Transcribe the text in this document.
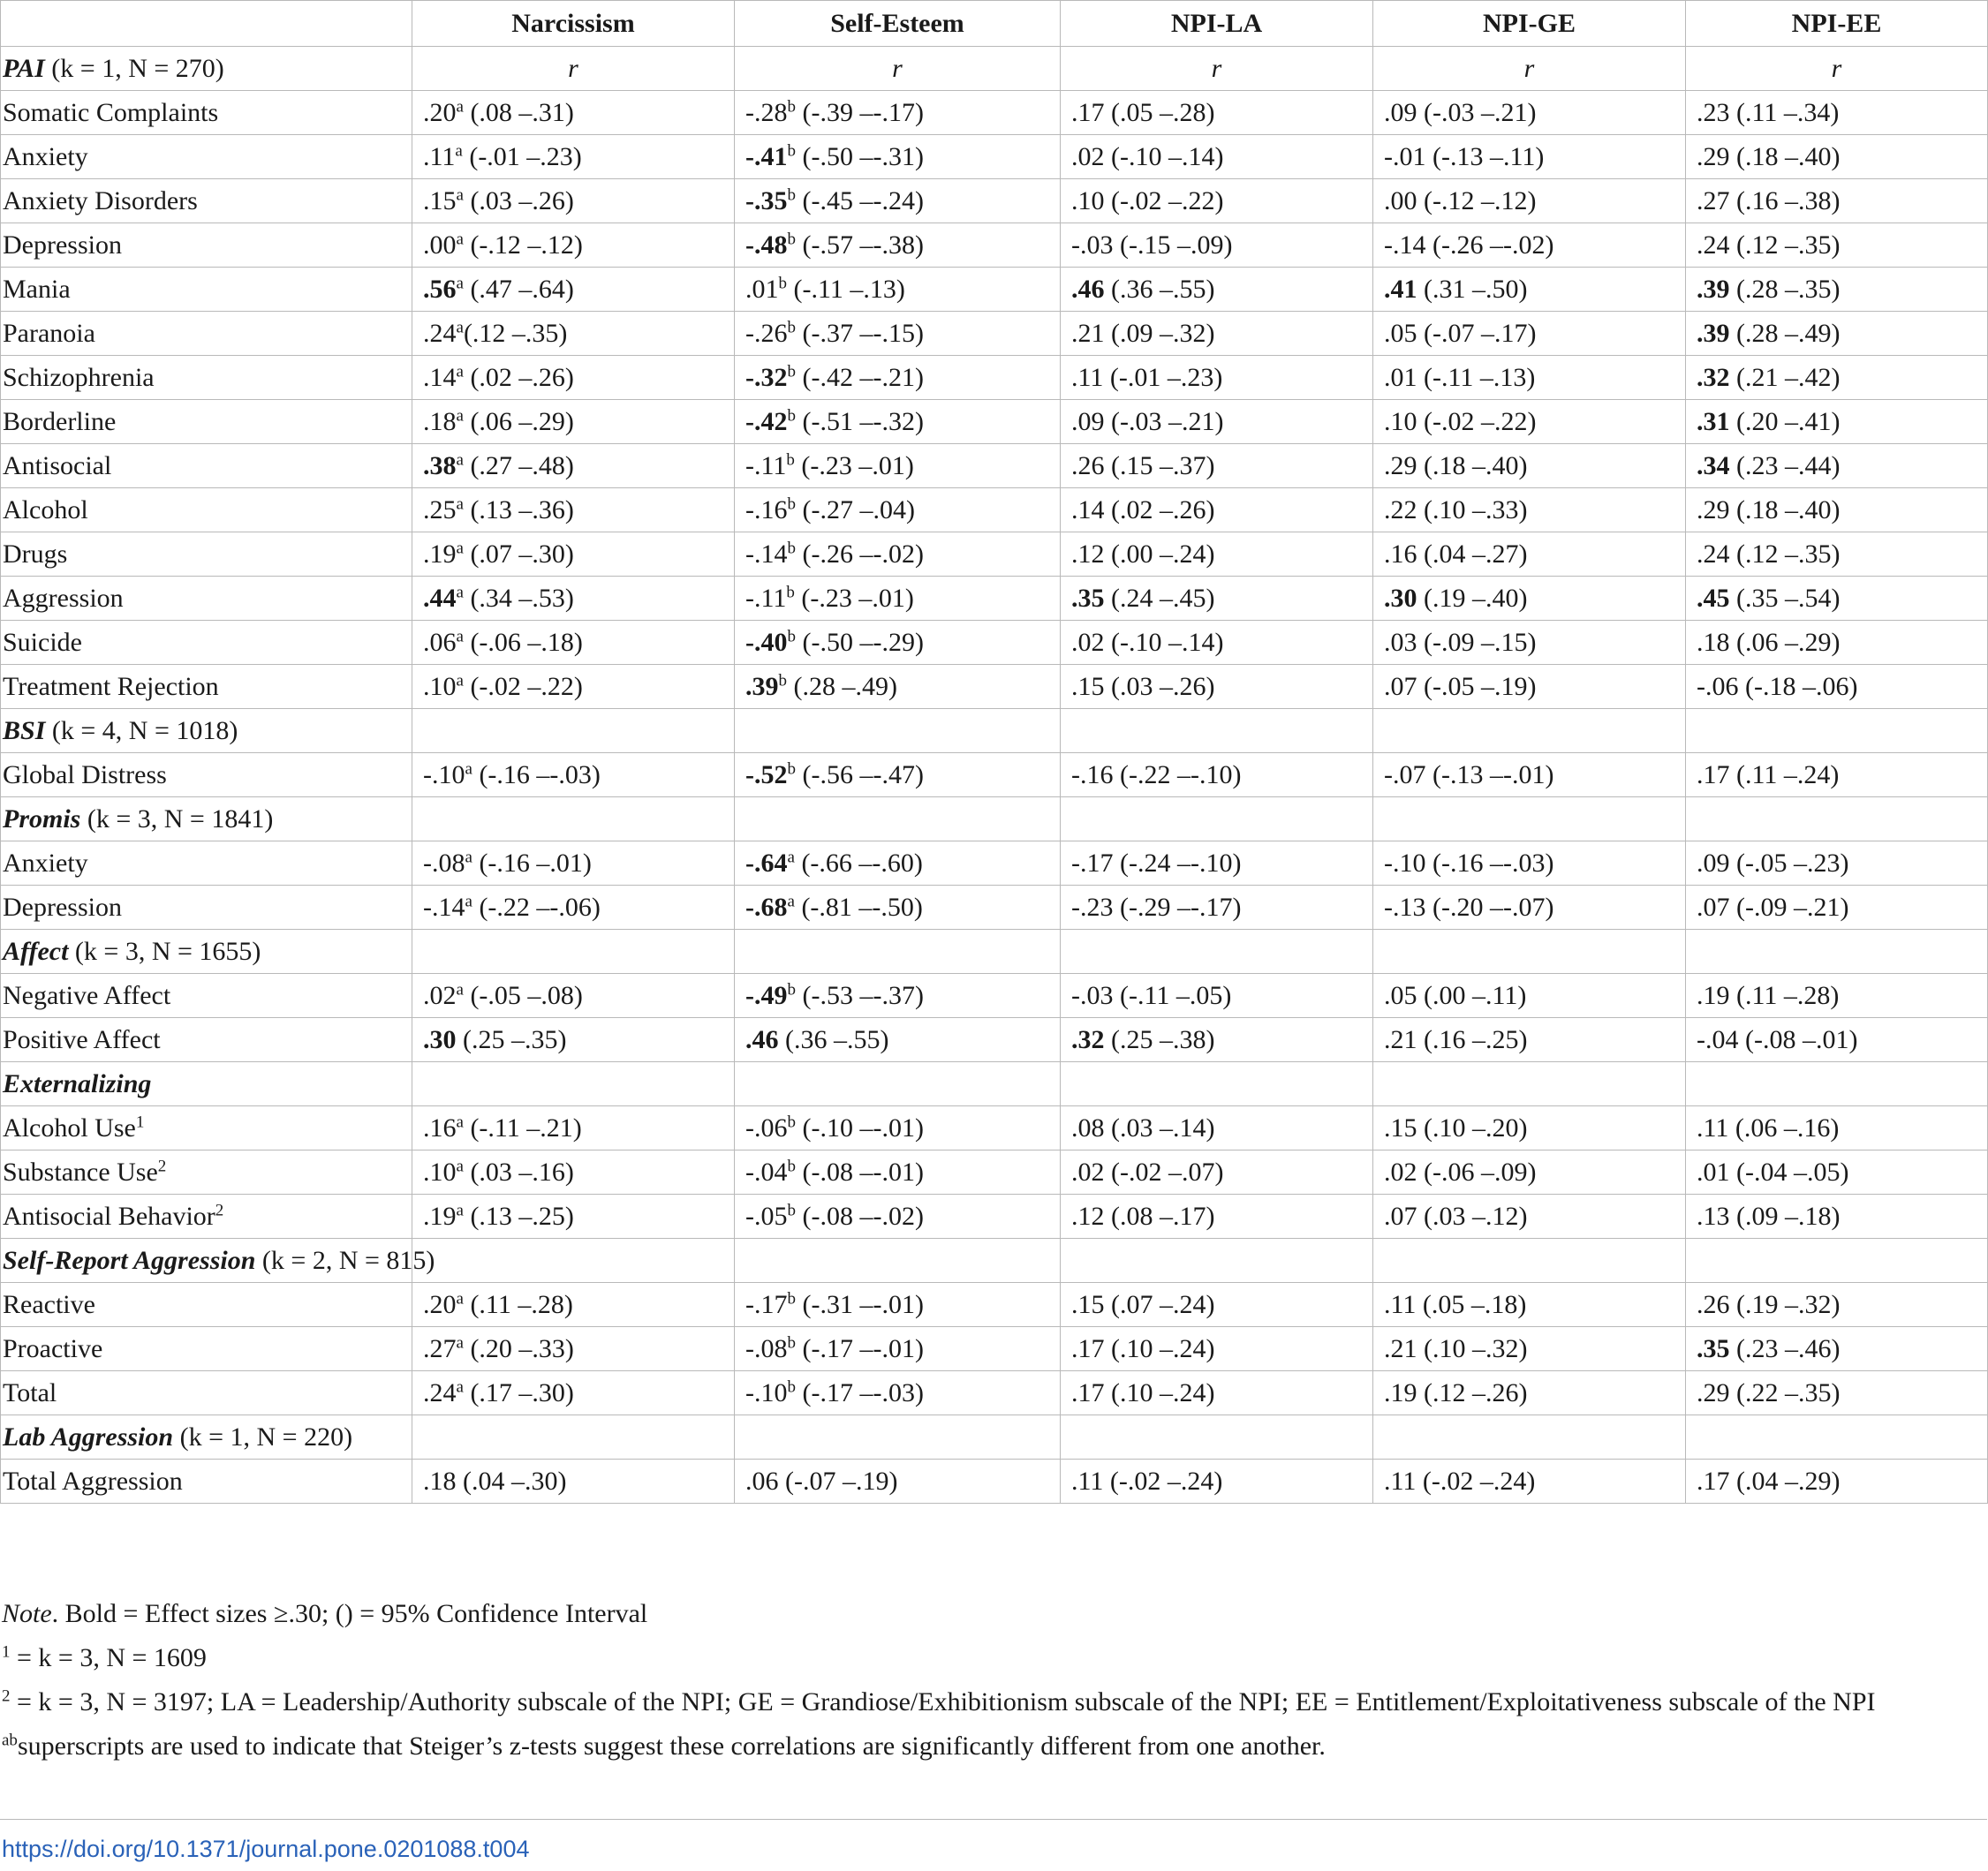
	Narcissism	Self-Esteem	NPI-LA	NPI-GE	NPI-EE
PAI (k = 1, N = 270)	r	r	r	r	r
Somatic Complaints	.20$^a$ (.08 –.31)	-.28$^b$ (-.39 –-.17)	.17 (.05 –.28)	.09 (-.03 –.21)	.23 (.11 –.34)
Anxiety	.11$^a$ (-.01 –.23)	-.41$^b$ (-.50 –-.31)	.02 (-.10 –.14)	-.01 (-.13 –.11)	.29 (.18 –.40)
Anxiety Disorders	.15$^a$ (.03 –.26)	-.35$^b$ (-.45 –-.24)	.10 (-.02 –.22)	.00 (-.12 –.12)	.27 (.16 –.38)
Depression	.00$^a$ (-.12 –.12)	-.48$^b$ (-.57 –-.38)	-.03 (-.15 –.09)	-.14 (-.26 –-.02)	.24 (.12 –.35)
Mania	.56$^a$ (.47 –.64)	.01$^b$ (-.11 –.13)	.46 (.36 –.55)	.41 (.31 –.50)	.39 (.28 –.35)
Paranoia	.24$^a$(.12 –.35)	-.26$^b$ (-.37 –-.15)	.21 (.09 –.32)	.05 (-.07 –.17)	.39 (.28 –.49)
Schizophrenia	.14$^a$ (.02 –.26)	-.32$^b$ (-.42 –-.21)	.11 (-.01 –.23)	.01 (-.11 –.13)	.32 (.21 –.42)
Borderline	.18$^a$ (.06 –.29)	-.42$^b$ (-.51 –-.32)	.09 (-.03 –.21)	.10 (-.02 –.22)	.31 (.20 –.41)
Antisocial	.38$^a$ (.27 –.48)	-.11$^b$ (-.23 –.01)	.26 (.15 –.37)	.29 (.18 –.40)	.34 (.23 –.44)
Alcohol	.25$^a$ (.13 –.36)	-.16$^b$ (-.27 –.04)	.14 (.02 –.26)	.22 (.10 –.33)	.29 (.18 –.40)
Drugs	.19$^a$ (.07 –.30)	-.14$^b$ (-.26 –-.02)	.12 (.00 –.24)	.16 (.04 –.27)	.24 (.12 –.35)
Aggression	.44$^a$ (.34 –.53)	-.11$^b$ (-.23 –.01)	.35 (.24 –.45)	.30 (.19 –.40)	.45 (.35 –.54)
Suicide	.06$^a$ (-.06 –.18)	-.40$^b$ (-.50 –-.29)	.02 (-.10 –.14)	.03 (-.09 –.15)	.18 (.06 –.29)
Treatment Rejection	.10$^a$ (-.02 –.22)	.39$^b$ (.28 –.49)	.15 (.03 –.26)	.07 (-.05 –.19)	-.06 (-.18 –.06)
BSI (k = 4, N = 1018)					
Global Distress	-.10$^a$ (-.16 –-.03)	-.52$^b$ (-.56 –-.47)	-.16 (-.22 –-.10)	-.07 (-.13 –-.01)	.17 (.11 –.24)
Promis (k = 3, N = 1841)					
Anxiety	-.08$^a$ (-.16 –.01)	-.64$^a$ (-.66 –-.60)	-.17 (-.24 –-.10)	-.10 (-.16 –-.03)	.09 (-.05 –.23)
Depression	-.14$^a$ (-.22 –-.06)	-.68$^a$ (-.81 –-.50)	-.23 (-.29 –-.17)	-.13 (-.20 –-.07)	.07 (-.09 –.21)
Affect (k = 3, N = 1655)					
Negative Affect	.02$^a$ (-.05 –.08)	-.49$^b$ (-.53 –-.37)	-.03 (-.11 –.05)	.05 (.00 –.11)	.19 (.11 –.28)
Positive Affect	.30 (.25 –.35)	.46 (.36 –.55)	.32 (.25 –.38)	.21 (.16 –.25)	-.04 (-.08 –.01)
Externalizing					
Alcohol Use$^1$	.16$^a$ (-.11 –.21)	-.06$^b$ (-.10 –-.01)	.08 (.03 –.14)	.15 (.10 –.20)	.11 (.06 –.16)
Substance Use$^2$	.10$^a$ (.03 –.16)	-.04$^b$ (-.08 –-.01)	.02 (-.02 –.07)	.02 (-.06 –.09)	.01 (-.04 –.05)
Antisocial Behavior$^2$	.19$^a$ (.13 –.25)	-.05$^b$ (-.08 –-.02)	.12 (.08 –.17)	.07 (.03 –.12)	.13 (.09 –.18)
Self-Report Aggression (k = 2, N = 815)					
Reactive	.20$^a$ (.11 –.28)	-.17$^b$ (-.31 –-.01)	.15 (.07 –.24)	.11 (.05 –.18)	.26 (.19 –.32)
Proactive	.27$^a$ (.20 –.33)	-.08$^b$ (-.17 –-.01)	.17 (.10 –.24)	.21 (.10 –.32)	.35 (.23 –.46)
Total	.24$^a$ (.17 –.30)	-.10$^b$ (-.17 –-.03)	.17 (.10 –.24)	.19 (.12 –.26)	.29 (.22 –.35)
Lab Aggression (k = 1, N = 220)					
Total Aggression	.18 (.04 –.30)	.06 (-.07 –.19)	.11 (-.02 –.24)	.11 (-.02 –.24)	.17 (.04 –.29)

Note. Bold = Effect sizes ≥.30; () = 95% Confidence Interval

$^1$ = k = 3, N = 1609

$^2$ = k = 3, N = 3197; LA = Leadership/Authority subscale of the NPI; GE = Grandiose/Exhibitionism subscale of the NPI; EE = Entitlement/Exploitativeness subscale of the NPI

$^{ab}$superscripts are used to indicate that Steiger’s z-tests suggest these correlations are significantly different from one another.

https://doi.org/10.1371/journal.pone.0201088.t004
